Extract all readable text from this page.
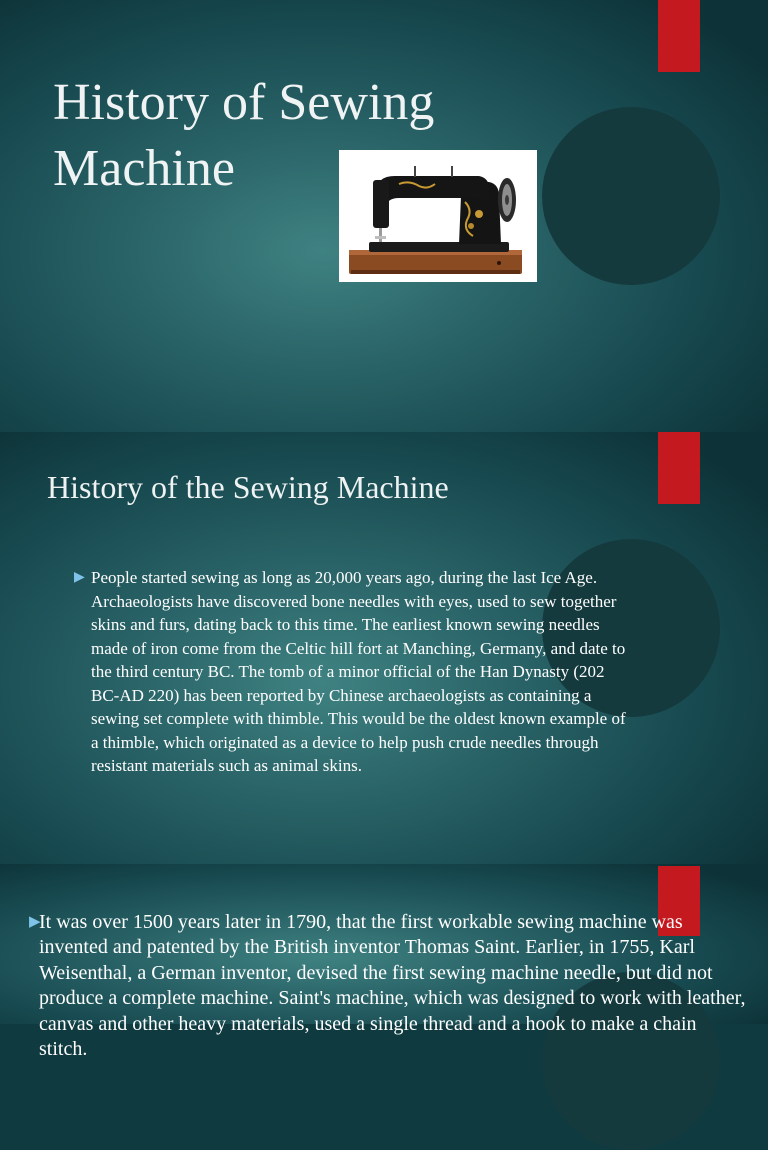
History of Sewing Machine
History of the Sewing Machine
▶ People started sewing as long as 20,000 years ago, during the last Ice Age. Archaeologists have discovered bone needles with eyes, used to sew together skins and furs, dating back to this time. The earliest known sewing needles made of iron come from the Celtic hill fort at Manching, Germany, and date to the third century BC. The tomb of a minor official of the Han Dynasty (202 BC-AD 220) has been reported by Chinese archaeologists as containing a sewing set complete with thimble. This would be the oldest known example of a thimble, which originated as a device to help push crude needles through resistant materials such as animal skins.

▶

It was over 1500 years later in 1790, that the first workable sewing machine was invented and patented by the British inventor Thomas Saint. Earlier, in 1755, Karl Weisenthal, a German inventor, devised the first sewing machine needle, but did not produce a complete machine. Saint's machine, which was designed to work with leather, canvas and other heavy materials, used a single thread and a hook to make a chain stitch.
